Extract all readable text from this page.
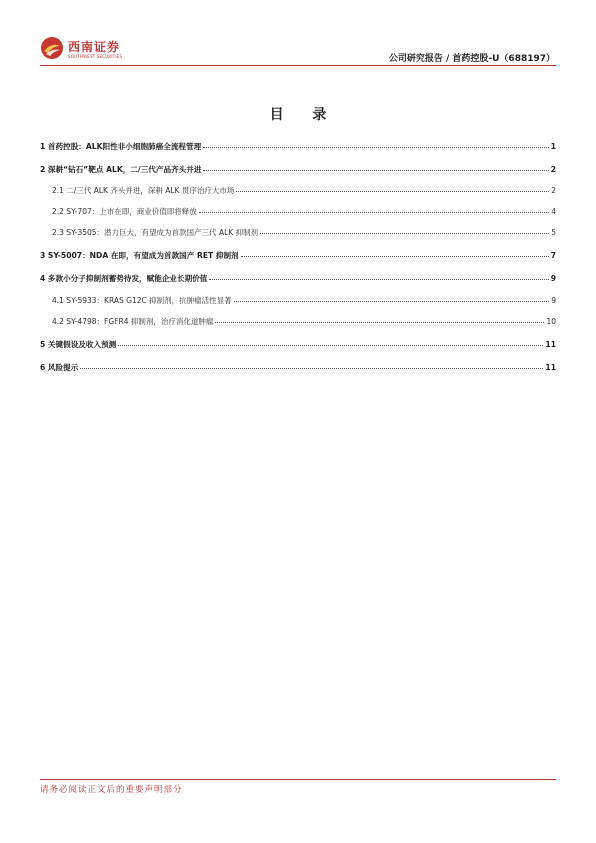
西南证券
SOUTHWEST SECURITIES	公司研究报告 / 首药控股-U（688197）
目 录
1 首药控股：ALK阳性非小细胞肺癌全流程管理	1
2 深耕“钻石”靶点 ALK，二/三代产品齐头并进	2
2.1 二/三代 ALK 齐头并进，深耕 ALK 贯序治疗大市场	2
2.2 SY-707：上市在即，商业价值即将释放	4
2.3 SY-3505：潜力巨大，有望成为首款国产三代 ALK 抑制剂	5
3 SY-5007：NDA 在即，有望成为首款国产 RET 抑制剂	7
4 多款小分子抑制剂蓄势待发，赋能企业长期价值	9
4.1 SY-5933：KRAS G12C 抑制剂，抗肿瘤活性显著	9
4.2 SY-4798：FGFR4 抑制剂，治疗消化道肿瘤	10
5 关键假设及收入预测	11
6 风险提示	11
请务必阅读正文后的重要声明部分
